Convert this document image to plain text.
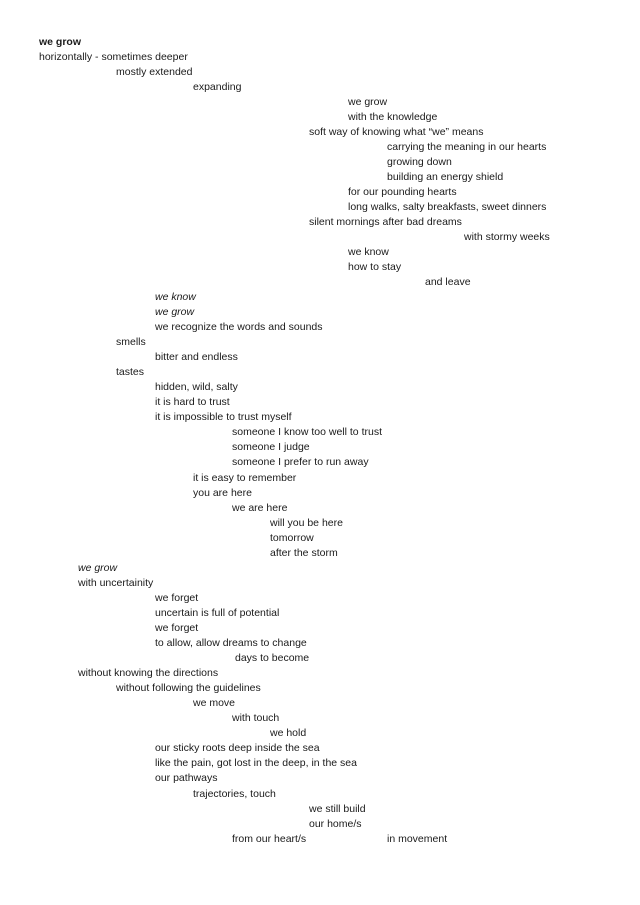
we grow
horizontally - sometimes deeper
mostly extended
expanding
we grow
with the knowledge
soft way of knowing what “we” means
carrying the meaning in our hearts
growing down
building an energy shield
for our pounding hearts
long walks, salty breakfasts, sweet dinners
silent mornings after bad dreams
with stormy weeks
we know
how to stay
and leave
we know
we grow
we recognize the words and sounds
smells
bitter and endless
tastes
hidden, wild, salty
it is hard to trust
it is impossible to trust myself
someone I know too well to trust
someone I judge
someone I prefer to run away
it is easy to remember
you are here
we are here
will you be here
tomorrow
after the storm
we grow
with uncertainity
we forget
uncertain is full of potential
we forget
to allow, allow dreams to change
days to become
without knowing the directions
without following the guidelines
we move
with touch
we hold
our sticky roots deep inside the sea
like the pain, got lost in the deep, in the sea
our pathways
trajectories, touch
we still build
our home/s
from our heart/s	in movement
